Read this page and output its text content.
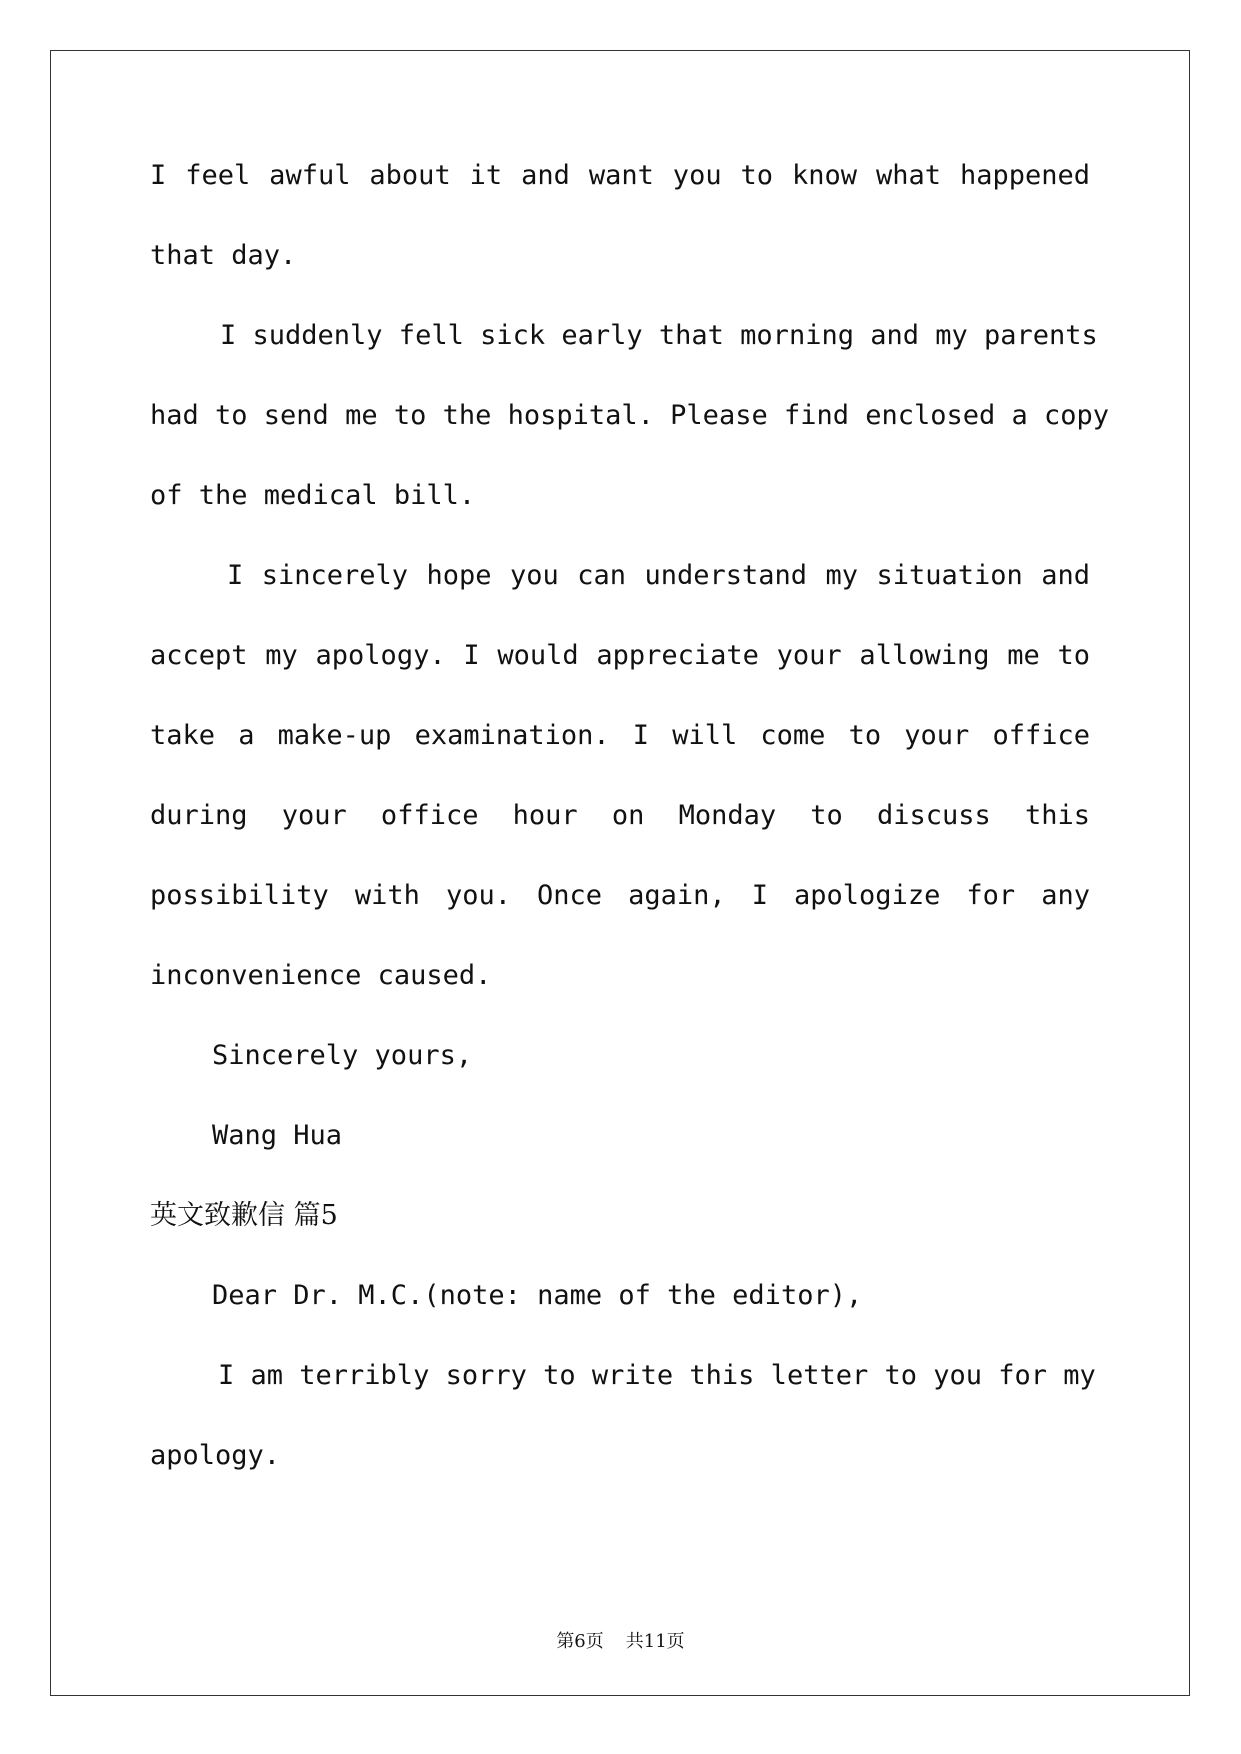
I feel awful about it and want you to know what happened
that day.
I suddenly fell sick early that morning and my parents
had to send me to the hospital. Please find enclosed a copy
of the medical bill.
I sincerely hope you can understand my situation and
accept my apology. I would appreciate your allowing me to
take a make-up examination. I will come to your office
during your office hour on Monday to discuss this
possibility with you. Once again, I apologize for any
inconvenience caused.
Sincerely yours,
Wang Hua
英文致歉信 篇5
Dear Dr. M.C.(note: name of the editor),
I am terribly sorry to write this letter to you for my
apology.
第6页 共11页
